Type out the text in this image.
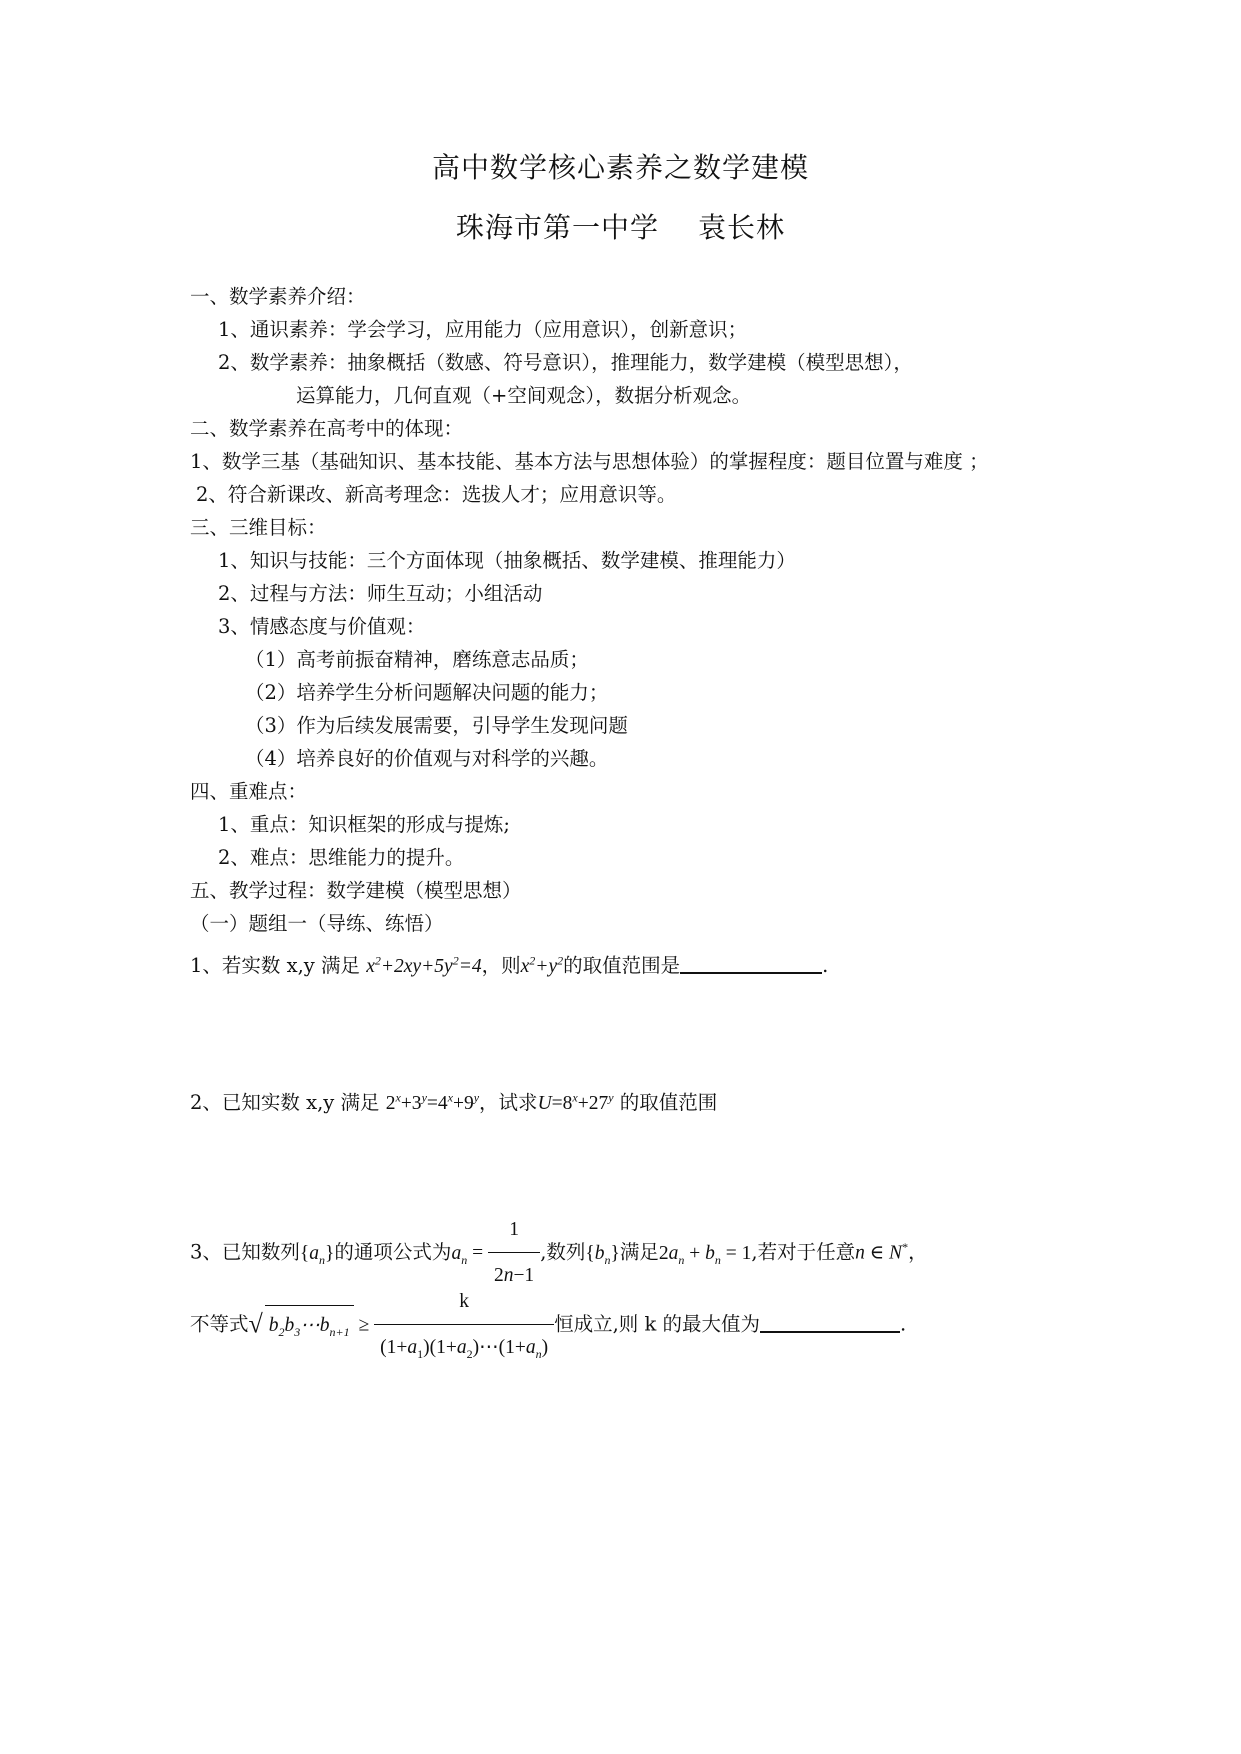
高中数学核心素养之数学建模
珠海市第一中学　 袁长林
一、数学素养介绍：
1、通识素养：学会学习，应用能力（应用意识），创新意识；
2、数学素养：抽象概括（数感、符号意识），推理能力，数学建模（模型思想），
运算能力，几何直观（+空间观念），数据分析观念。
二、数学素养在高考中的体现：
1、数学三基（基础知识、基本技能、基本方法与思想体验）的掌握程度：题目位置与难度 ；
2、符合新课改、新高考理念：选拔人才；应用意识等。
三、三维目标：
1、知识与技能：三个方面体现（抽象概括、数学建模、推理能力）
2、过程与方法：师生互动；小组活动
3、情感态度与价值观：
（1）高考前振奋精神，磨练意志品质；
（2）培养学生分析问题解决问题的能力；
（3）作为后续发展需要，引导学生发现问题
（4）培养良好的价值观与对科学的兴趣。
四、重难点：
1、重点：知识框架的形成与提炼;
2、难点：思维能力的提升。
五、教学过程：数学建模（模型思想）
（一）题组一（导练、练悟）
1、若实数 x,y 满足 $x^2+2xy+5y^2=4$，则$x^2+y^2$的取值范围是	.
2、已知实数 x,y 满足 $2^x+3^y=4^x+9^y$，试求$U=8^x+27^y$ 的取值范围
3、已知数列$\{a_n\}$的通项公式为$a_n = \frac{1}{2n-1}$ ,数列$\{b_n\}$满足$2a_n + b_n = 1$,若对于任意n ∈ N*，
不等式√ $b_2b_3\cdots b_{n+1} \ge \frac{k}{(1+a_1)(1+a_2)\cdots(1+a_n)}$ 恒成立,则 k 的最大值为	.
